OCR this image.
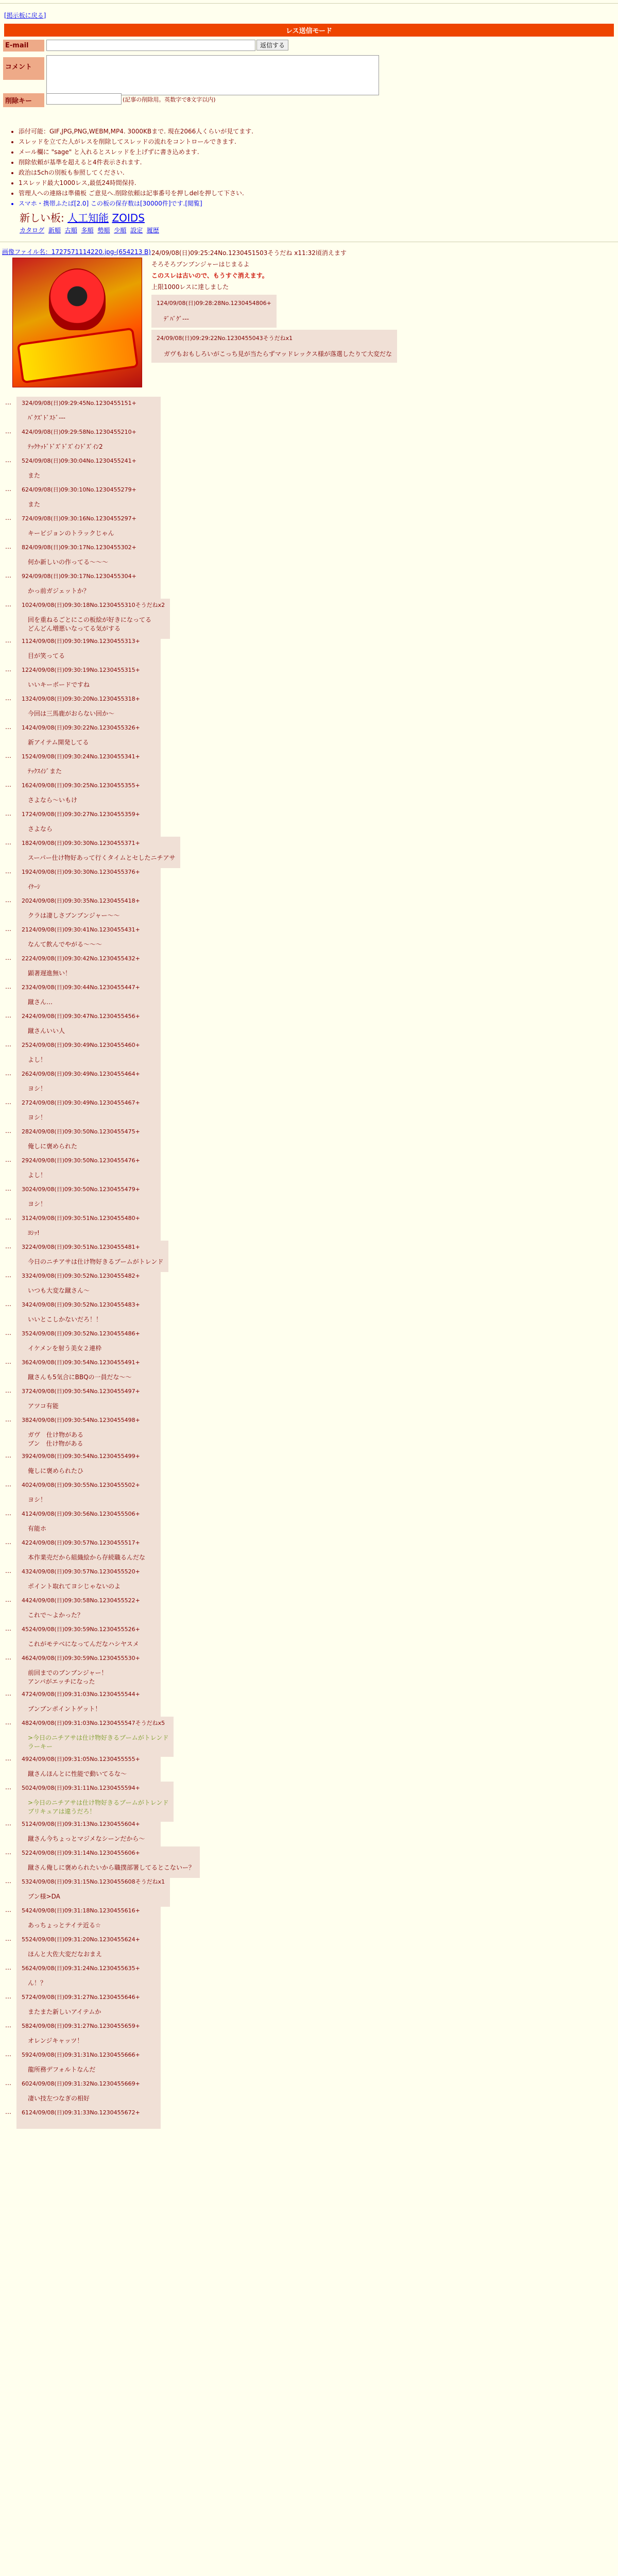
[掲示板に戻る]
レス送信モード
E-mail	返信する
コメント
削除キー	(記事の削除用。英数字で8文字以内)
• 添付可能：GIF,JPG,PNG,WEBM,MP4. 3000KBまで. 現在2066人くらいが見てます.
• スレッドを立てた人がレスを削除してスレッドの流れをコントロールできます.
• メール欄に "sage" と入れるとスレッドを上げずに書き込めます.
• 削除依頼が基準を超えると4件表示されます.
• 政治は5chの別板も参照してください.
• 1スレッド最大1000レス,最低24時間保持.
• 管理人への連絡は準備板 ご意見へ.削除依頼は記事番号を押しdelを押して下さい.
• スマホ・携帯ふたば[2.0] この板の保存数は[30000件]です.[閲覧]
新しい板: 人工知能 ZOIDS
カタログ 新順 古順 多順 勢順 少順 設定 履歴
画像ファイル名：1727571114220.jpg-(654213 B) 24/09/08(日)09:25:24No.1230451503そうだね x11:32頃消えます
そろそろブンブンジャーはじまるよ
このスレは古いので、もうすぐ消えます。
上限1000レスに達しました
124/09/08(日)09:28:28No.1230454806+
ﾃﾞﾊﾞｸﾞ---

24/09/08(日)09:29:22No.1230455043そうだねx1
ガヴもおもしろいがこっち見が当たらずマッドレックス様が落選したりて大変だな
… 324/09/08(日)09:29:45No.1230455151+
ﾊﾞｸｽﾞﾄﾞｽﾄﾞ---
… 424/09/08(日)09:29:58No.1230455210+
ﾃｯｸｹｯﾄﾞﾄﾞｽﾞﾄﾞｽﾞｲﾝﾄﾞｽﾞｲﾝ2
… 524/09/08(日)09:30:04No.1230455241+
また
… 624/09/08(日)09:30:10No.1230455279+
また
… 724/09/08(日)09:30:16No.1230455297+
キービジョンのトラックじゃん
… 824/09/08(日)09:30:17No.1230455302+
何か新しいの作ってる～～～
… 924/09/08(日)09:30:17No.1230455304+
かっ前ガジェットか？
… 1024/09/08(日)09:30:18No.1230455310そうだねx2
回を重ねるごとにこの板絵が好きになってる
どんどん増悪いなってる気がする
… 1124/09/08(日)09:30:19No.1230455313+
目が笑ってる
… 1224/09/08(日)09:30:19No.1230455315+
いいキーボードですね
… 1324/09/08(日)09:30:20No.1230455318+
今回は三馬鹿がおらない回か～
… 1424/09/08(日)09:30:22No.1230455326+
新アイテム開発してる
… 1524/09/08(日)09:30:24No.1230455341+
ﾃｯｸｽｲｼﾞまた
… 1624/09/08(日)09:30:25No.1230455355+
さよなら～いもけ
… 1724/09/08(日)09:30:27No.1230455359+
さよなら
… 1824/09/08(日)09:30:30No.1230455371+
スーパー仕け物好あって行くタイムとセしたニチアサ
… 1924/09/08(日)09:30:30No.1230455376+
ｲｹｰｼ
… 2024/09/08(日)09:30:35No.1230455418+
クラは凄しさブンブンジャー～～
… 2124/09/08(日)09:30:41No.1230455431+
なんて飲んでやがる～～～
… 2224/09/08(日)09:30:42No.1230455432+
顕著遅進無い！
… 2324/09/08(日)09:30:44No.1230455447+
蹴さん…
… 2424/09/08(日)09:30:47No.1230455456+
蹴さんいい人
… 2524/09/08(日)09:30:49No.1230455460+
よし！
… 2624/09/08(日)09:30:49No.1230455464+
ヨシ！
… 2724/09/08(日)09:30:49No.1230455467+
ヨシ！
… 2824/09/08(日)09:30:50No.1230455475+
俺しに褒められた
… 2924/09/08(日)09:30:50No.1230455476+
よし！
… 3024/09/08(日)09:30:50No.1230455479+
ヨシ！
… 3124/09/08(日)09:30:51No.1230455480+
ﾖｼｯ!
… 3224/09/08(日)09:30:51No.1230455481+
今日のニチアサは仕け物好きるブームがトレンド
… 3324/09/08(日)09:30:52No.1230455482+
いつも大変な蹴さん～
… 3424/09/08(日)09:30:52No.1230455483+
いいとこしかないだろ！！
… 3524/09/08(日)09:30:52No.1230455486+
イケメンを射う美女２連枠
… 3624/09/08(日)09:30:54No.1230455491+
蹴さんも5気合にBBQの一員だな～～
… 3724/09/08(日)09:30:54No.1230455497+
アツコ有能
… 3824/09/08(日)09:30:54No.1230455498+
ガヴ　仕け物がある
ブン　仕け物がある
… 3924/09/08(日)09:30:54No.1230455499+
俺しに褒められたひ
… 4024/09/08(日)09:30:55No.1230455502+
ヨシ！
… 4124/09/08(日)09:30:56No.1230455506+
有能ホ
… 4224/09/08(日)09:30:57No.1230455517+
本作業売だから組織絵から存続職るんだな
… 4324/09/08(日)09:30:57No.1230455520+
ポイント取れてヨシじゃないのよ
… 4424/09/08(日)09:30:58No.1230455522+
これで～よかった？
… 4524/09/08(日)09:30:59No.1230455526+
これがモテべになってんだなハシヤスメ
… 4624/09/08(日)09:30:59No.1230455530+
前回までのブンブンジャー！
アンバがエッチになった
… 4724/09/08(日)09:31:03No.1230455544+
ブンブンポイントゲット！
… 4824/09/08(日)09:31:03No.1230455547そうだねx5
>今日のニチアサは仕け物好きるブームがトレンド
ラーキー
… 4924/09/08(日)09:31:05No.1230455555+
蹴さんほんとに性能で動いてるな～
… 5024/09/08(日)09:31:11No.1230455594+
>今日のニチアサは仕け物好きるブームがトレンド
ブリキュアは違うだろ！
… 5124/09/08(日)09:31:13No.1230455604+
蹴さん今ちょっとマジメなシーンだから～
… 5224/09/08(日)09:31:14No.1230455606+
蹴さん俺しに褒められたいから職撲部署してるとこないー？
… 5324/09/08(日)09:31:15No.1230455608そうだねx1
ブン様>DA
… 5424/09/08(日)09:31:18No.1230455616+
あっちょっとテイテ近る☆
… 5524/09/08(日)09:31:20No.1230455624+
ほんと大佐大変だなおまえ
… 5624/09/08(日)09:31:24No.1230455635+
ん！？
… 5724/09/08(日)09:31:27No.1230455646+
またまた新しいアイテムか
… 5824/09/08(日)09:31:27No.1230455659+
オレンジキャッツ！
… 5924/09/08(日)09:31:31No.1230455666+
龍所務デフォルトなんだ
… 6024/09/08(日)09:31:32No.1230455669+
凄い技左つなぎの相好
… 6124/09/08(日)09:31:33No.1230455672+
